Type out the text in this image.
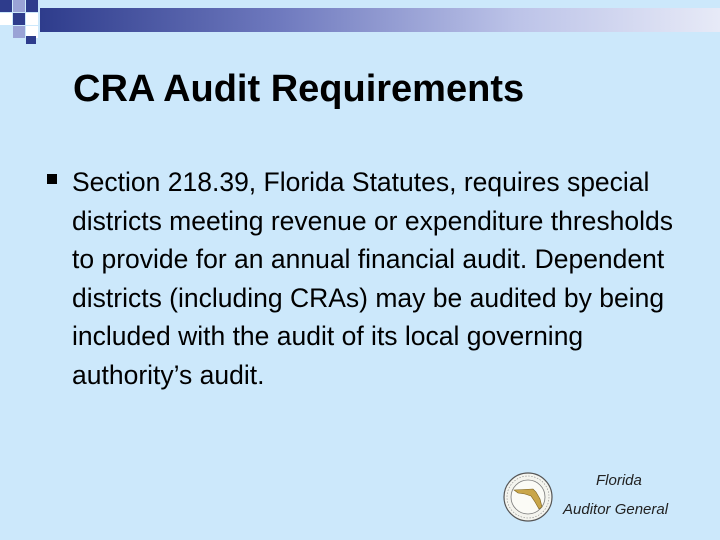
CRA Audit Requirements
Section 218.39, Florida Statutes, requires special districts meeting revenue or expenditure thresholds to provide for an annual financial audit. Dependent districts (including CRAs) may be audited by being included with the audit of its local governing authority’s audit.
Florida
Auditor General
